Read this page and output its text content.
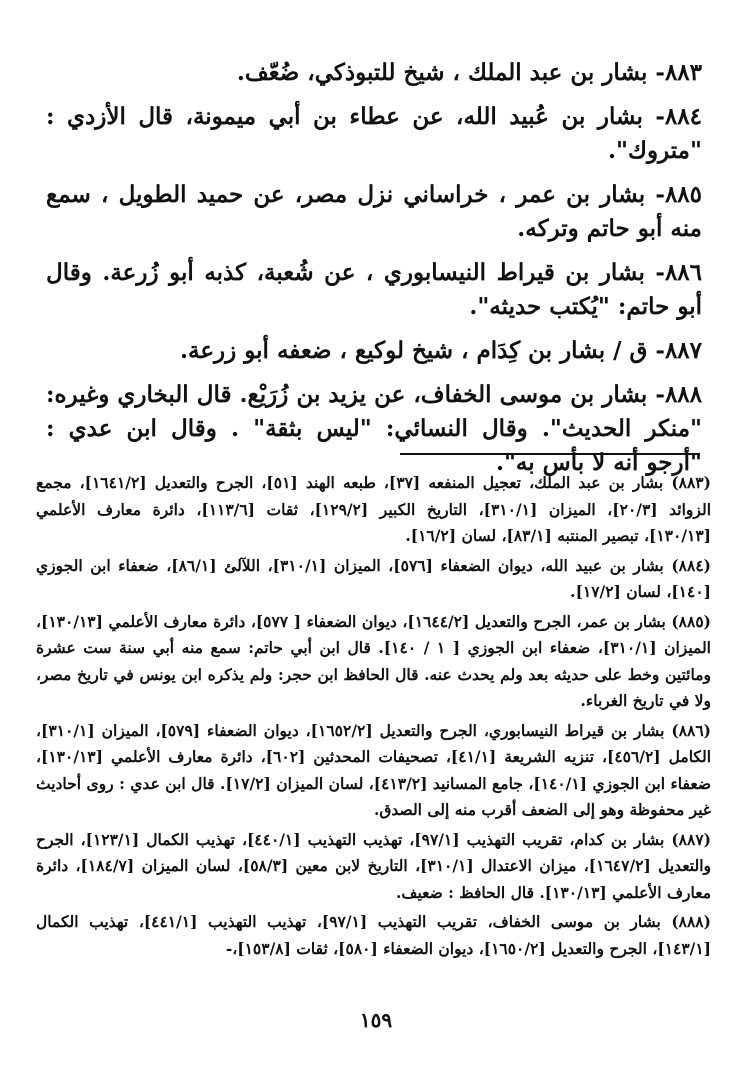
٨٨٣- بشار بن عبد الملك ، شيخ للتبوذكي، ضُعّف.

٨٨٤- بشار بن عُبيد الله، عن عطاء بن أبي ميمونة، قال الأزدي : "متروك".

٨٨٥- بشار بن عمر ، خراساني نزل مصر، عن حميد الطويل ، سمع منه أبو حاتم وتركه.

٨٨٦- بشار بن قيراط النيسابوري ، عن شُعبة، كذبه أبو زُرعة. وقال أبو حاتم: "يُكتب حديثه".

٨٨٧- ق / بشار بن كِدَام ، شيخ لوكيع ، ضعفه أبو زرعة.

٨٨٨- بشار بن موسى الخفاف، عن يزيد بن زُرَيْع. قال البخاري وغيره: "منكر الحديث". وقال النسائي: "ليس بثقة" . وقال ابن عدي : "أرجو أنه لا بأس به".

(٨٨٣) بشار بن عبد الملك، تعجيل المنفعه [٣٧]، طبعه الهند [٥١]، الجرح والتعديل [١٦٤١/٢]، مجمع الزوائد [٢٠/٣]، الميزان [٣١٠/١]، التاريخ الكبير [١٢٩/٢]، ثقات [١١٣/٦]، دائرة معارف الأعلمي [١٣٠/١٣]، تبصير المنتبه [٨٣/١]، لسان [١٦/٢].

(٨٨٤) بشار بن عبيد الله، ديوان الضعفاء [٥٧٦]، الميزان [٣١٠/١]، اللآلئ [٨٦/١]، ضعفاء ابن الجوزي [١٤٠]، لسان [١٧/٢].

(٨٨٥) بشار بن عمر، الجرح والتعديل [١٦٤٤/٢]، ديوان الضعفاء [ ٥٧٧]، دائرة معارف الأعلمي [١٣٠/١٣]، الميزان [٣١٠/١]، ضعفاء ابن الجوزي [ ١ / ١٤٠]. قال ابن أبي حاتم: سمع منه أبي سنة ست عشرة ومائتين وخط على حديثه بعد ولم يحدث عنه. قال الحافظ ابن حجر: ولم يذكره ابن يونس في تاريخ مصر، ولا في تاريخ الغرباء.

(٨٨٦) بشار بن قيراط النيسابوري، الجرح والتعديل [١٦٥٢/٢]، ديوان الضعفاء [٥٧٩]، الميزان [٣١٠/١]، الكامل [٤٥٦/٢]، تنزيه الشريعة [٤١/١]، تصحيفات المحدثين [٦٠٢]، دائرة معارف الأعلمي [١٣٠/١٣]، ضعفاء ابن الجوزي [١٤٠/١]، جامع المسانيد [٤١٣/٢]، لسان الميزان [١٧/٢]. قال ابن عدي : روى أحاديث غير محفوظة وهو إلى الضعف أقرب منه إلى الصدق.

(٨٨٧) بشار بن كدام، تقريب التهذيب [٩٧/١]، تهذيب التهذيب [٤٤٠/١]، تهذيب الكمال [١٢٣/١]، الجرح والتعديل [١٦٤٧/٢]، ميزان الاعتدال [٣١٠/١]، التاريخ لابن معين [٥٨/٣]، لسان الميزان [١٨٤/٧]، دائرة معارف الأعلمي [١٣٠/١٣]. قال الحافظ : ضعيف.

(٨٨٨) بشار بن موسى الخفاف، تقريب التهذيب [٩٧/١]، تهذيب التهذيب [٤٤١/١]، تهذيب الكمال [١٤٣/١]، الجرح والتعديل [١٦٥٠/٢]، ديوان الضعفاء [٥٨٠]، ثقات [١٥٣/٨]،-

١٥٩
